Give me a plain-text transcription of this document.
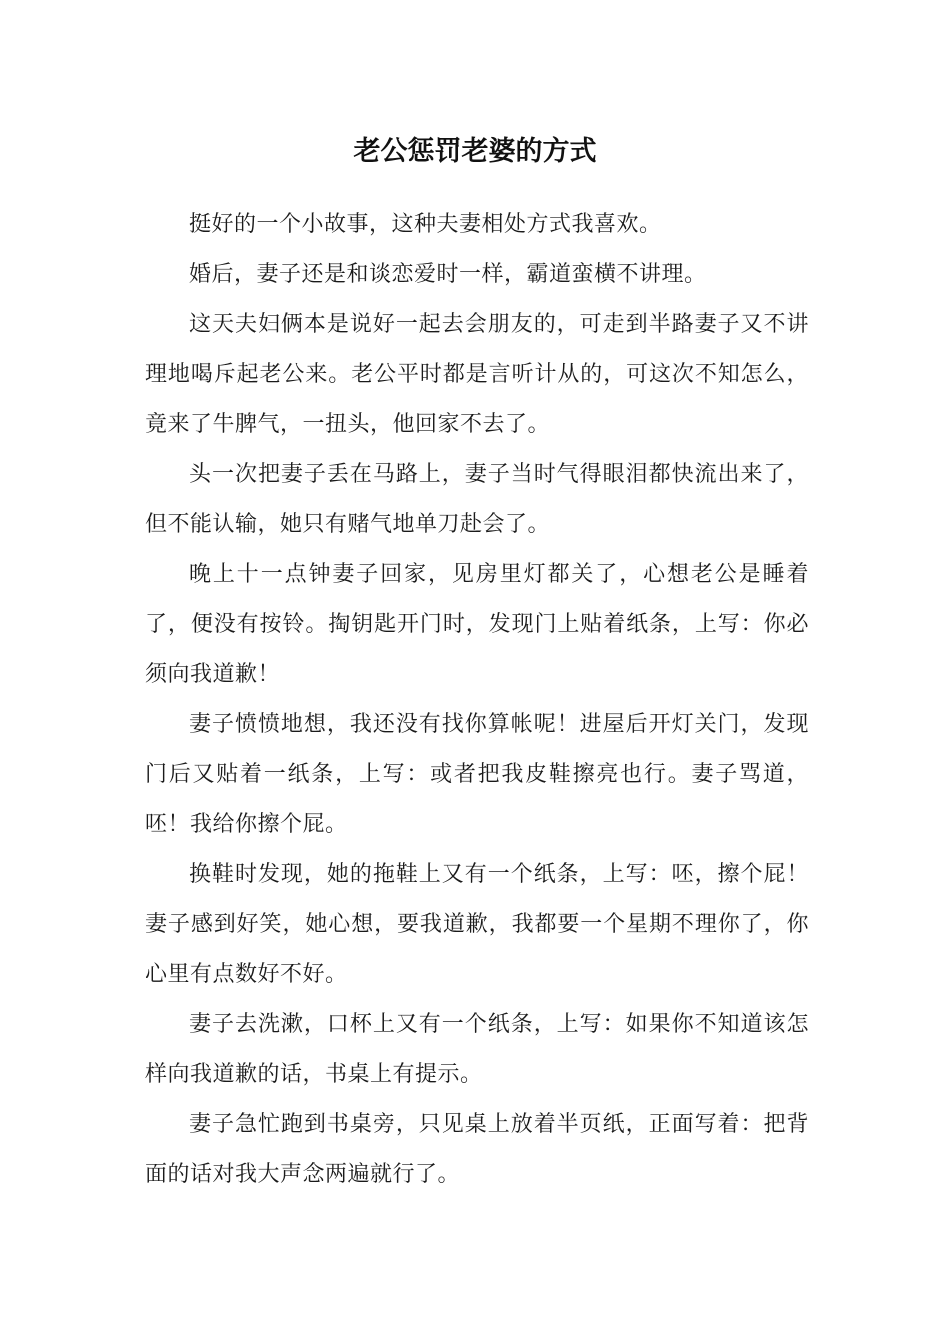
老公惩罚老婆的方式

挺好的一个小故事，这种夫妻相处方式我喜欢。

婚后，妻子还是和谈恋爱时一样，霸道蛮横不讲理。

这天夫妇俩本是说好一起去会朋友的，可走到半路妻子又不讲理地喝斥起老公来。老公平时都是言听计从的，可这次不知怎么，竟来了牛脾气，一扭头，他回家不去了。

头一次把妻子丢在马路上，妻子当时气得眼泪都快流出来了，但不能认输，她只有赌气地单刀赴会了。

晚上十一点钟妻子回家，见房里灯都关了，心想老公是睡着了，便没有按铃。掏钥匙开门时，发现门上贴着纸条，上写：你必须向我道歉！

妻子愤愤地想，我还没有找你算帐呢！进屋后开灯关门，发现门后又贴着一纸条，上写：或者把我皮鞋擦亮也行。妻子骂道，呸！我给你擦个屁。

换鞋时发现，她的拖鞋上又有一个纸条，上写：呸，擦个屁！妻子感到好笑，她心想，要我道歉，我都要一个星期不理你了，你心里有点数好不好。

妻子去洗漱，口杯上又有一个纸条，上写：如果你不知道该怎样向我道歉的话，书桌上有提示。

妻子急忙跑到书桌旁，只见桌上放着半页纸，正面写着：把背面的话对我大声念两遍就行了。
